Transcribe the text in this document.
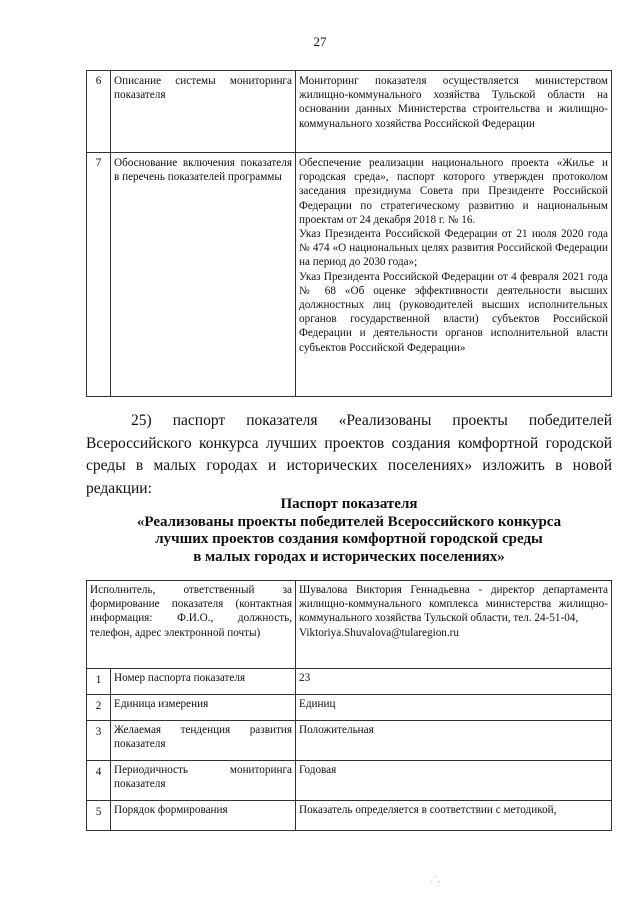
27
6	Описание системы мониторинга показателя	Мониторинг показателя осуществляется министерством жилищно-коммунального хозяйства Тульской области на основании данных Министерства строительства и жилищно-коммунального хозяйства Российской Федерации
7	Обоснование включения показателя в перечень показателей программы	Обеспечение реализации национального проекта «Жилье и городская среда», паспорт которого утвержден протоколом заседания президиума Совета при Президенте Российской Федерации по стратегическому развитию и национальным проектам от 24 декабря 2018 г. № 16.
Указ Президента Российской Федерации от 21 июля 2020 года № 474 «О национальных целях развития Российской Федерации на период до 2030 года»;
Указ Президента Российской Федерации от 4 февраля 2021 года № 68 «Об оценке эффективности деятельности высших должностных лиц (руководителей высших исполнительных органов государственной власти) субъектов Российской Федерации и деятельности органов исполнительной власти субъектов Российской Федерации»
25) паспорт показателя «Реализованы проекты победителей Всероссийского конкурса лучших проектов создания комфортной городской среды в малых городах и исторических поселениях» изложить в новой редакции:
Паспорт показателя
«Реализованы проекты победителей Всероссийского конкурса
лучших проектов создания комфортной городской среды
в малых городах и исторических поселениях»
Исполнитель, ответственный за формирование показателя (контактная информация: Ф.И.О., должность, телефон, адрес электронной почты)		Шувалова Виктория Геннадьевна - директор департамента жилищно-коммунального комплекса министерства жилищно-коммунального хозяйства Тульской области, тел. 24-51-04,
Viktoriya.Shuvalova@tularegion.ru

1	Номер паспорта показателя	23
2	Единица измерения	Единиц
3	Желаемая тенденция развития показателя	Положительная
4	Периодичность мониторинга показателя	Годовая
5	Порядок формирования	Показатель определяется в соответствии с методикой,
. ` .
